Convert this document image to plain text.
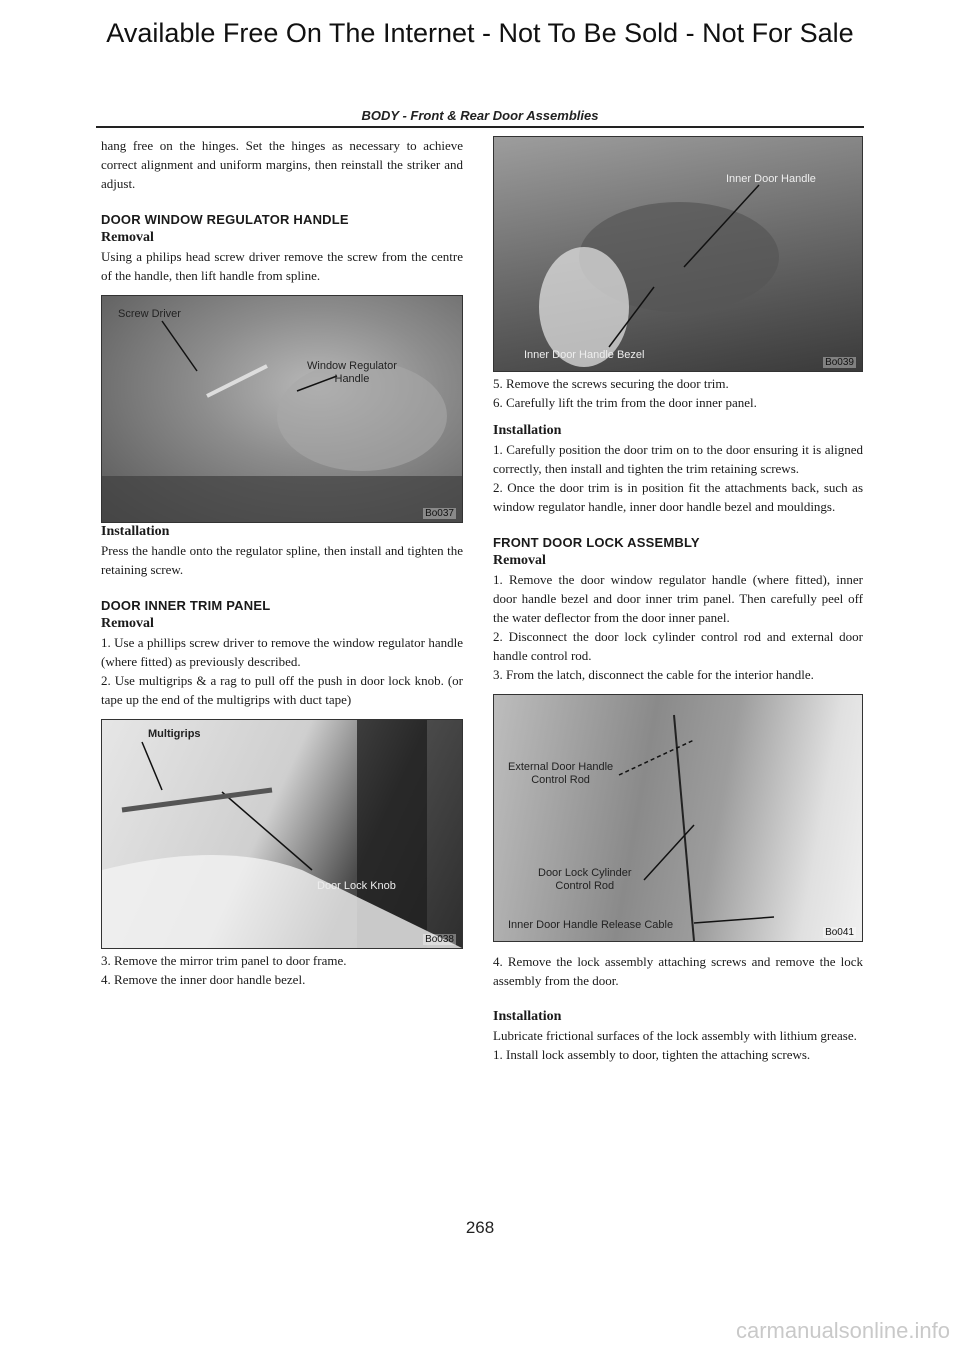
Available Free On The Internet - Not To Be Sold - Not For Sale
BODY - Front & Rear Door Assemblies

hang free on the hinges. Set the hinges as necessary to achieve correct alignment and uniform margins, then reinstall the striker and adjust.

DOOR WINDOW REGULATOR HANDLE
Removal

Using a philips head screw driver remove the screw from the centre of the handle, then lift handle from spline.

Screw Driver
Window Regulator
Handle
Bo037
Installation

Press the handle onto the regulator spline, then install and tighten the retaining screw.

DOOR INNER TRIM PANEL
Removal

1. Use a phillips screw driver to remove the window regulator handle (where fitted) as previously described.

2. Use multigrips & a rag to pull off the push in door lock knob. (or tape up the end of the multigrips with duct tape)

Multigrips
Door Lock Knob
Bo038

3. Remove the mirror trim panel to door frame.

4. Remove the inner door handle bezel.

Inner Door Handle
Inner Door Handle Bezel
Bo039

5. Remove the screws securing the door trim.

6. Carefully lift the trim from the door inner panel.

Installation

1. Carefully position the door trim on to the door ensuring it is aligned correctly, then install and tighten the trim retaining screws.

2. Once the door trim is in position fit the attachments back, such as window regulator handle, inner door handle bezel and mouldings.

FRONT DOOR LOCK ASSEMBLY
Removal

1. Remove the door window regulator handle (where fitted), inner door handle bezel and door inner trim panel. Then carefully peel off the water deflector from the door inner panel.

2. Disconnect the door lock cylinder control rod and external door handle control rod.

3. From the latch, disconnect the cable for the interior handle.

External Door Handle
Control Rod
Door Lock Cylinder
Control Rod
Inner Door Handle Release Cable
Bo041

4. Remove the lock assembly attaching screws and remove the lock assembly from the door.

Installation

Lubricate frictional surfaces of the lock assembly with lithium grease.

1. Install lock assembly to door, tighten the attaching screws.

268
carmanualsonline.info
